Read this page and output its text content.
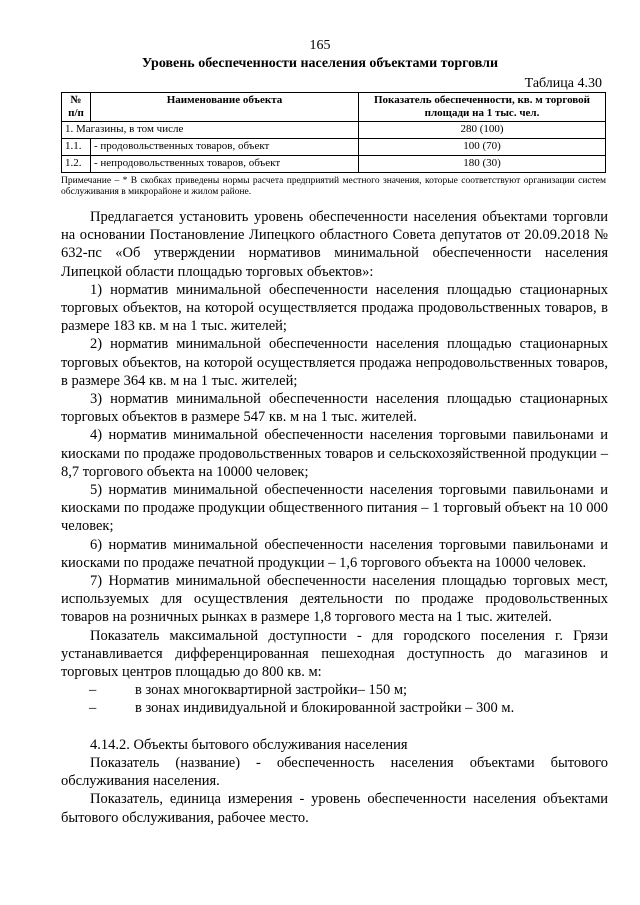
165
Уровень обеспеченности населения объектами торговли
Таблица 4.30
№ п/п	Наименование объекта	Показатель обеспеченности, кв. м торговой площади на 1 тыс. чел.
1. Магазины, в том числе		280 (100)
1.1.	- продовольственных товаров, объект	100 (70)
1.2.	- непродовольственных товаров, объект	180 (30)
Примечание – * В скобках приведены нормы расчета предприятий местного значения, которые соответствуют организации систем обслуживания в микрорайоне и жилом районе.

Предлагается установить уровень обеспеченности населения объектами торговли на основании Постановление Липецкого областного Совета депутатов от 20.09.2018 № 632-пс «Об утверждении нормативов минимальной обеспеченности населения Липецкой области площадью торговых объектов»:

1) норматив минимальной обеспеченности населения площадью стационарных торговых объектов, на которой осуществляется продажа продовольственных товаров, в размере 183 кв. м на 1 тыс. жителей;

2) норматив минимальной обеспеченности населения площадью стационарных торговых объектов, на которой осуществляется продажа непродовольственных товаров, в размере 364 кв. м на 1 тыс. жителей;

3) норматив минимальной обеспеченности населения площадью стационарных торговых объектов в размере 547 кв. м на 1 тыс. жителей.

4) норматив минимальной обеспеченности населения торговыми павильонами и киосками по продаже продовольственных товаров и сельскохозяйственной продукции – 8,7 торгового объекта на 10000 человек;

5) норматив минимальной обеспеченности населения торговыми павильонами и киосками по продаже продукции общественного питания – 1 торговый объект на 10 000 человек;

6) норматив минимальной обеспеченности населения торговыми павильонами и киосками по продаже печатной продукции – 1,6 торгового объекта на 10000 человек.

7) Норматив минимальной обеспеченности населения площадью торговых мест, используемых для осуществления деятельности по продаже продовольственных товаров на розничных рынках в размере 1,8 торгового места на 1 тыс. жителей.

Показатель максимальной доступности - для городского поселения г. Грязи устанавливается дифференцированная пешеходная доступность до магазинов и торговых центров площадью до 800 кв. м:

–	в зонах многоквартирной застройки– 150 м;

–	в зонах индивидуальной и блокированной застройки – 300 м.

4.14.2. Объекты бытового обслуживания населения

Показатель (название) - обеспеченность населения объектами бытового обслуживания населения.

Показатель, единица измерения - уровень обеспеченности населения объектами бытового обслуживания, рабочее место.
